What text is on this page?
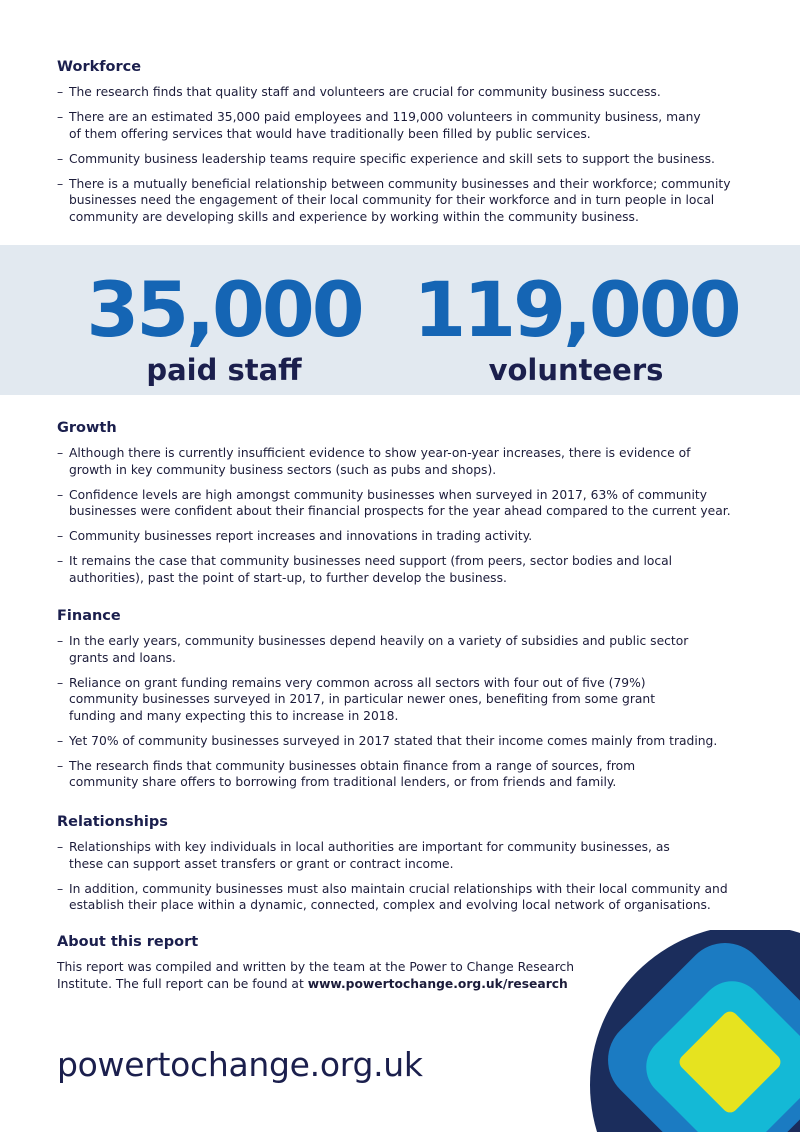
Workforce
– The research finds that quality staff and volunteers are crucial for community business success.
– There are an estimated 35,000 paid employees and 119,000 volunteers in community business, many of them offering services that would have traditionally been filled by public services.
– Community business leadership teams require specific experience and skill sets to support the business.
– There is a mutually beneficial relationship between community businesses and their workforce; community businesses need the engagement of their local community for their workforce and in turn people in local community are developing skills and experience by working within the community business.
35,000
paid staff
119,000
volunteers
Growth
– Although there is currently insufficient evidence to show year-on-year increases, there is evidence of growth in key community business sectors (such as pubs and shops).
– Confidence levels are high amongst community businesses when surveyed in 2017, 63% of community businesses were confident about their financial prospects for the year ahead compared to the current year.
– Community businesses report increases and innovations in trading activity.
– It remains the case that community businesses need support (from peers, sector bodies and local authorities), past the point of start-up, to further develop the business.
Finance
– In the early years, community businesses depend heavily on a variety of subsidies and public sector grants and loans.
– Reliance on grant funding remains very common across all sectors with four out of five (79%) community businesses surveyed in 2017, in particular newer ones, benefiting from some grant funding and many expecting this to increase in 2018.
– Yet 70% of community businesses surveyed in 2017 stated that their income comes mainly from trading.
– The research finds that community businesses obtain finance from a range of sources, from community share offers to borrowing from traditional lenders, or from friends and family.
Relationships
– Relationships with key individuals in local authorities are important for community businesses, as these can support asset transfers or grant or contract income.
– In addition, community businesses must also maintain crucial relationships with their local community and establish their place within a dynamic, connected, complex and evolving local network of organisations.
About this report

This report was compiled and written by the team at the Power to Change Research Institute. The full report can be found at www.powertochange.org.uk/research

powertochange.org.uk
